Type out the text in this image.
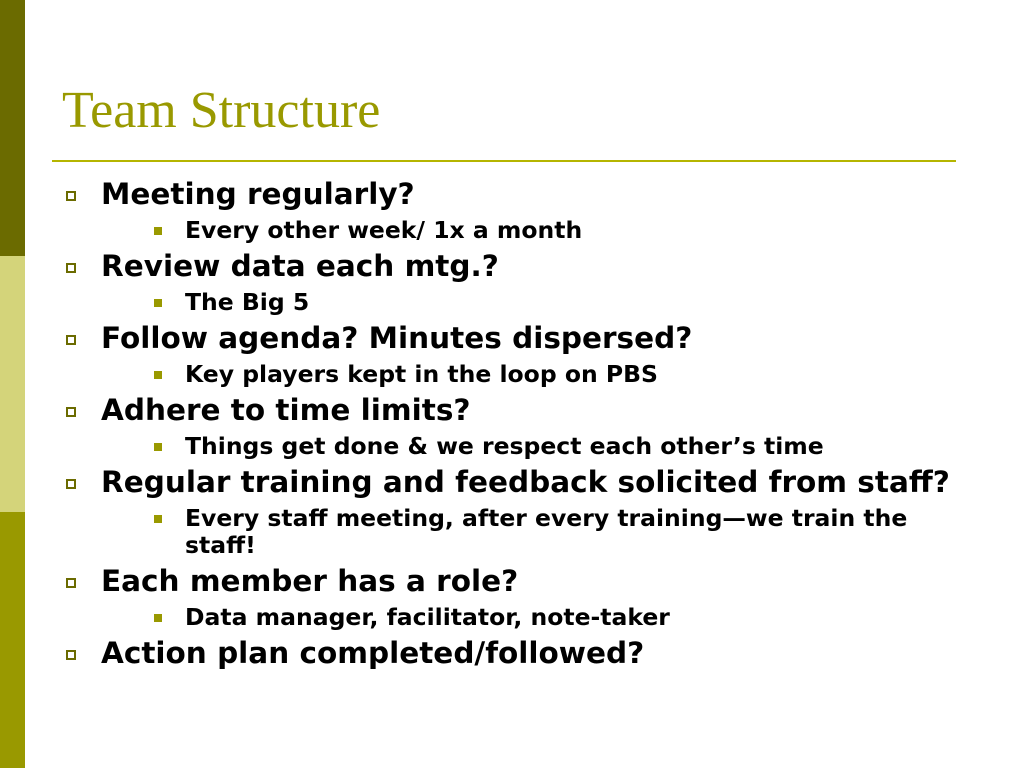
Team Structure
Meeting regularly?
Every other week/ 1x a month
Review data each mtg.?
The Big 5
Follow agenda? Minutes dispersed?
Key players kept in the loop on PBS
Adhere to time limits?
Things get done & we respect each other’s time
Regular training and feedback solicited from staff?
Every staff meeting, after every training—we train the staff!
Each member has a role?
Data manager, facilitator, note-taker
Action plan completed/followed?
